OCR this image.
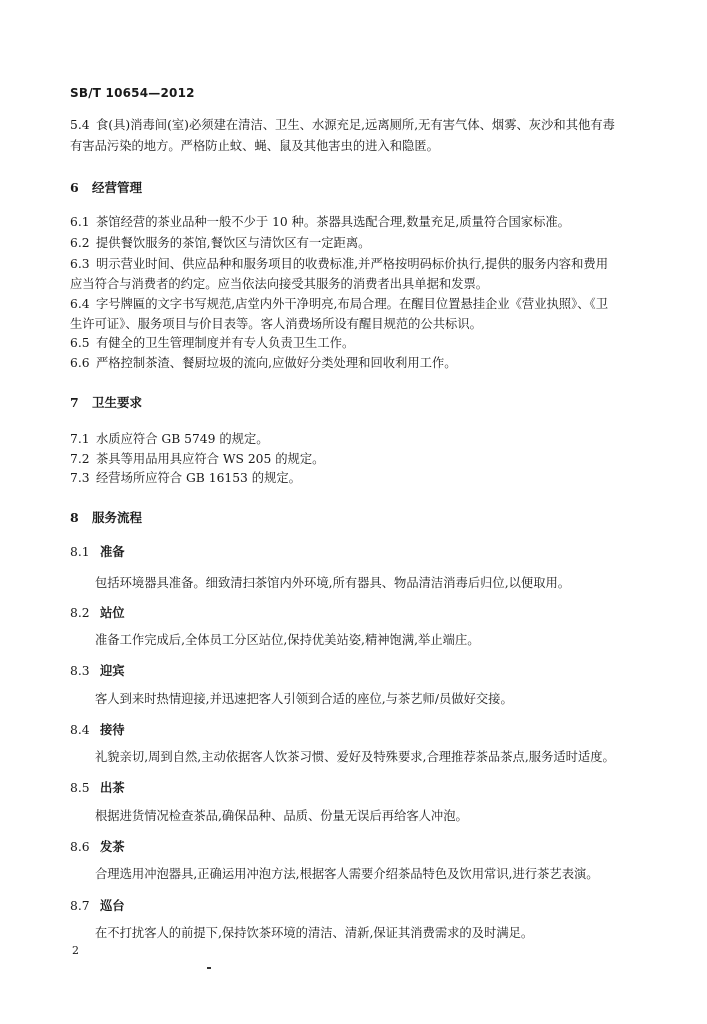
SB/T 10654—2012
5.4 食(具)消毒间(室)必须建在清洁、卫生、水源充足,远离厕所,无有害气体、烟雾、灰沙和其他有毒
有害品污染的地方。严格防止蚊、蝇、鼠及其他害虫的进入和隐匿。
6 经营管理
6.1 茶馆经营的茶业品种一般不少于 10 种。茶器具选配合理,数量充足,质量符合国家标准。
6.2 提供餐饮服务的茶馆,餐饮区与清饮区有一定距离。
6.3 明示营业时间、供应品种和服务项目的收费标准,并严格按明码标价执行,提供的服务内容和费用
应当符合与消费者的约定。应当依法向接受其服务的消费者出具单据和发票。
6.4 字号牌匾的文字书写规范,店堂内外干净明亮,布局合理。在醒目位置悬挂企业《营业执照》、《卫
生许可证》、服务项目与价目表等。客人消费场所设有醒目规范的公共标识。
6.5 有健全的卫生管理制度并有专人负责卫生工作。
6.6 严格控制茶渣、餐厨垃圾的流向,应做好分类处理和回收利用工作。
7 卫生要求
7.1 水质应符合 GB 5749 的规定。
7.2 茶具等用品用具应符合 WS 205 的规定。
7.3 经营场所应符合 GB 16153 的规定。
8 服务流程
8.1 准备
包括环境器具准备。细致清扫茶馆内外环境,所有器具、物品清洁消毒后归位,以便取用。
8.2 站位
准备工作完成后,全体员工分区站位,保持优美站姿,精神饱满,举止端庄。
8.3 迎宾
客人到来时热情迎接,并迅速把客人引领到合适的座位,与茶艺师/员做好交接。
8.4 接待
礼貌亲切,周到自然,主动依据客人饮茶习惯、爱好及特殊要求,合理推荐茶品茶点,服务适时适度。
8.5 出茶
根据进货情况检查茶品,确保品种、品质、份量无误后再给客人冲泡。
8.6 发茶
合理选用冲泡器具,正确运用冲泡方法,根据客人需要介绍茶品特色及饮用常识,进行茶艺表演。
8.7 巡台
在不打扰客人的前提下,保持饮茶环境的清洁、清新,保证其消费需求的及时满足。
2
